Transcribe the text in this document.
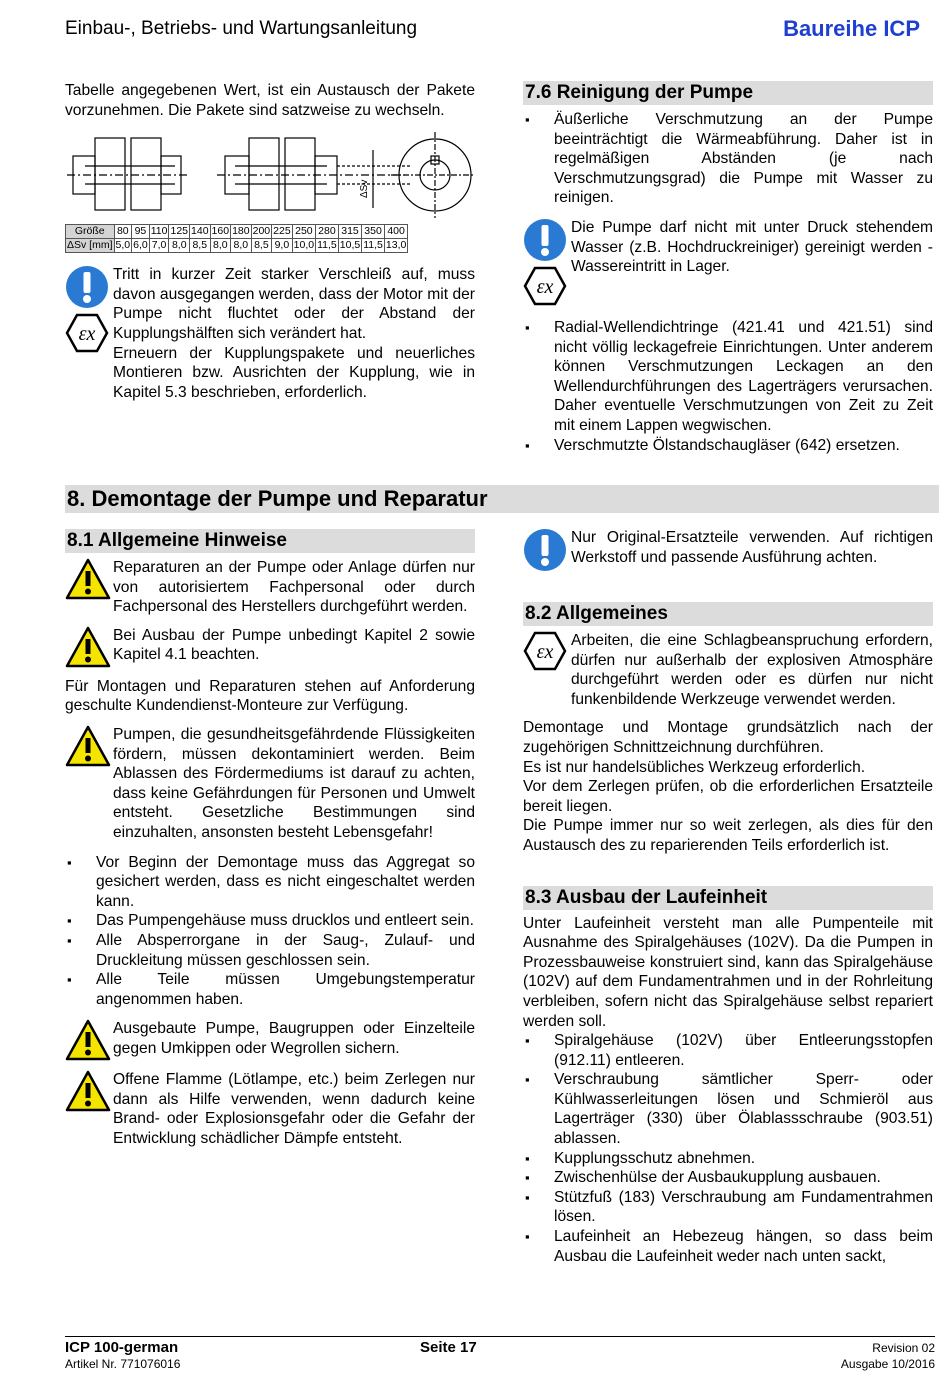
Einbau-, Betriebs- und Wartungsanleitung	Baureihe ICP

Tabelle angegebenen Wert, ist ein Austausch der Pakete vorzunehmen. Die Pakete sind satzweise zu wechseln.

ΔSv
Größe	80	95	110	125	140	160	180	200	225	250	280	315	350	400
ΔSv [mm]	5,0	6,0	7,0	8,0	8,5	8,0	8,0	8,5	9,0	10,0	11,5	10,5	11,5	13,0
εx

Tritt in kurzer Zeit starker Verschleiß auf, muss davon ausgegangen werden, dass der Motor mit der Pumpe nicht fluchtet oder der Abstand der Kupplungshälften sich verändert hat.

Erneuern der Kupplungspakete und neuerliches Montieren bzw. Ausrichten der Kupplung, wie in Kapitel 5.3 beschrieben, erforderlich.

7.6 Reinigung der Pumpe
▪ Äußerliche Verschmutzung an der Pumpe beeinträchtigt die Wärmeabführung. Daher ist in regelmäßigen Abständen (je nach Verschmutzungsgrad) die Pumpe mit Wasser zu reinigen.
εx

Die Pumpe darf nicht mit unter Druck stehendem Wasser (z.B. Hochdruckreiniger) gereinigt werden - Wassereintritt in Lager.

▪ Radial-Wellendichtringe (421.41 und 421.51) sind nicht völlig leckagefreie Einrichtungen. Unter anderem können Verschmutzungen Leckagen an den Wellendurchführungen des Lagerträgers verursachen. Daher eventuelle Verschmutzungen von Zeit zu Zeit mit einem Lappen wegwischen.
▪ Verschmutzte Ölstandschaugläser (642) ersetzen.
8. Demontage der Pumpe und Reparatur
8.1 Allgemeine Hinweise

Reparaturen an der Pumpe oder Anlage dürfen nur von autorisiertem Fachpersonal oder durch Fachpersonal des Herstellers durchgeführt werden.

Bei Ausbau der Pumpe unbedingt Kapitel 2 sowie Kapitel 4.1 beachten.

Für Montagen und Reparaturen stehen auf Anforderung geschulte Kundendienst-Monteure zur Verfügung.

Pumpen, die gesundheitsgefährdende Flüssigkeiten fördern, müssen dekontaminiert werden. Beim Ablassen des Fördermediums ist darauf zu achten, dass keine Gefährdungen für Personen und Umwelt entsteht. Gesetzliche Bestimmungen sind einzuhalten, ansonsten besteht Lebensgefahr!

▪ Vor Beginn der Demontage muss das Aggregat so gesichert werden, dass es nicht eingeschaltet werden kann.
▪ Das Pumpengehäuse muss drucklos und entleert sein.
▪ Alle Absperrorgane in der Saug-, Zulauf- und Druckleitung müssen geschlossen sein.
▪ Alle Teile müssen Umgebungstemperatur angenommen haben.

Ausgebaute Pumpe, Baugruppen oder Einzelteile gegen Umkippen oder Wegrollen sichern.

Offene Flamme (Lötlampe, etc.) beim Zerlegen nur dann als Hilfe verwenden, wenn dadurch keine Brand- oder Explosionsgefahr oder die Gefahr der Entwicklung schädlicher Dämpfe entsteht.

Nur Original-Ersatzteile verwenden. Auf richtigen Werkstoff und passende Ausführung achten.

8.2 Allgemeines
εx

Arbeiten, die eine Schlagbeanspruchung erfordern, dürfen nur außerhalb der explosiven Atmosphäre durchgeführt werden oder es dürfen nur nicht funkenbildende Werkzeuge verwendet werden.

Demontage und Montage grundsätzlich nach der zugehörigen Schnittzeichnung durchführen.

Es ist nur handelsübliches Werkzeug erforderlich.

Vor dem Zerlegen prüfen, ob die erforderlichen Ersatzteile bereit liegen.

Die Pumpe immer nur so weit zerlegen, als dies für den Austausch des zu reparierenden Teils erforderlich ist.

8.3 Ausbau der Laufeinheit

Unter Laufeinheit versteht man alle Pumpenteile mit Ausnahme des Spiralgehäuses (102V). Da die Pumpen in Prozessbauweise konstruiert sind, kann das Spiralgehäuse (102V) auf dem Fundamentrahmen und in der Rohrleitung verbleiben, sofern nicht das Spiralgehäuse selbst repariert werden soll.

▪ Spiralgehäuse (102V) über Entleerungsstopfen (912.11) entleeren.
▪ Verschraubung sämtlicher Sperr- oder Kühlwasserleitungen lösen und Schmieröl aus Lagerträger (330) über Ölablassschraube (903.51) ablassen.
▪ Kupplungsschutz abnehmen.
▪ Zwischenhülse der Ausbaukupplung ausbauen.
▪ Stützfuß (183) Verschraubung am Fundamentrahmen lösen.
▪ Laufeinheit an Hebezeug hängen, so dass beim Ausbau die Laufeinheit weder nach unten sackt,
ICP 100-german
Artikel Nr. 771076016
Seite 17	Revision 02
Ausgabe 10/2016
